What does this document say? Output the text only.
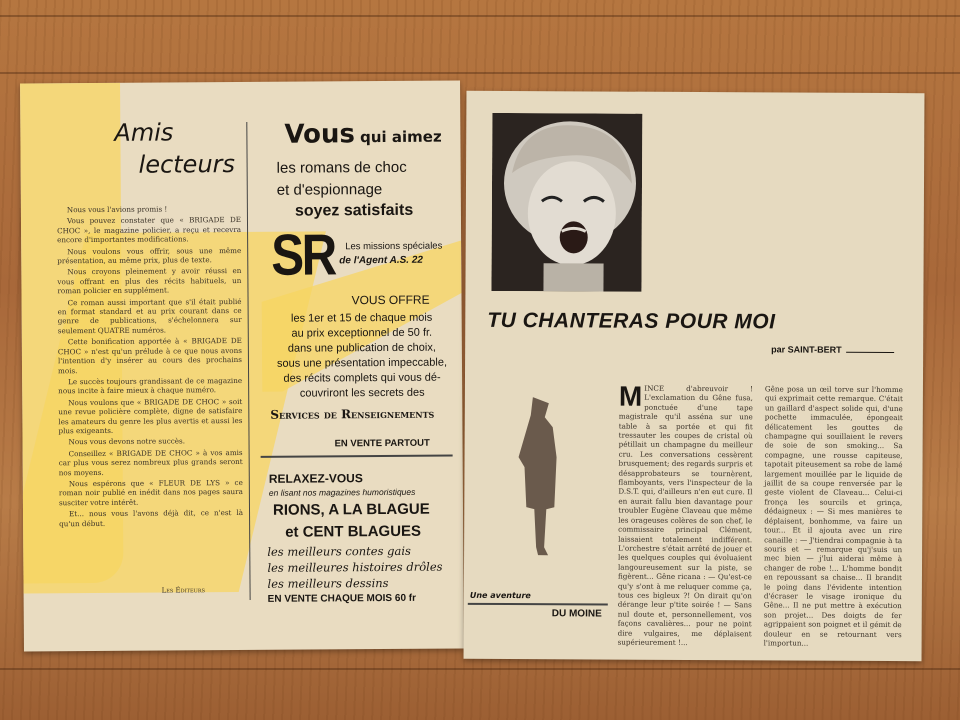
Amis
lecteurs
Nous vous l'avions promis !
Vous pouvez constater que « BRIGADE DE CHOC », le magazine policier, a reçu et recevra encore d'importantes modifications.
Nous voulons vous offrir, sous une même présentation, au même prix, plus de texte.
Nous croyons pleinement y avoir réussi en vous offrant en plus des récits habituels, un roman policier en supplément.
Ce roman aussi important que s'il était publié en format standard et au prix courant dans ce genre de publications, s'échelonnera sur seulement QUATRE numéros.
Cette bonification apportée à « BRIGADE DE CHOC » n'est qu'un prélude à ce que nous avons l'intention d'y insérer au cours des prochains mois.
Le succès toujours grandissant de ce magazine nous incite à faire mieux à chaque numéro.
Nous voulons que « BRIGADE DE CHOC » soit une revue policière complète, digne de satisfaire les amateurs du genre les plus avertis et aussi les plus exigeants.
Nous vous devons notre succès.
Conseillez « BRIGADE DE CHOC » à vos amis car plus vous serez nombreux plus grands seront nos moyens.
Nous espérons que « FLEUR DE LYS » ce roman noir publié en inédit dans nos pages saura susciter votre intérêt.
Et... nous vous l'avons déjà dit, ce n'est là qu'un début.
Les Éditeurs
Vous qui aimez
les romans de choc
et d'espionnage
soyez satisfaits
SR Les missions spéciales
de l'Agent A.S. 22
VOUS OFFRE
les 1er et 15 de chaque mois
au prix exceptionnel de 50 fr.
dans une publication de choix,
sous une présentation impeccable,
des récits complets qui vous dé-
couvriront les secrets des
Services de Renseignements
EN VENTE PARTOUT
RELAXEZ-VOUS
en lisant nos magazines humoristiques
RIONS, A LA BLAGUE
et CENT BLAGUES
les meilleurs contes gais
les meilleures histoires drôles
les meilleurs dessins
EN VENTE CHAQUE MOIS 60 fr
TU CHANTERAS POUR MOI
par SAINT-BERT
Une aventure
DU MOINE
M INCE d'abreuvoir ! L'exclamation du Gêne fusa, ponctuée d'une tape magistrale qu'il asséna sur une table à sa portée et qui fit tressauter les coupes de cristal où pétillait un champagne du meilleur cru. Les conversations cessèrent brusquement; des regards surpris et désapprobateurs se tournèrent, flamboyants, vers l'inspecteur de la D.S.T. qui, d'ailleurs n'en eut cure. Il en aurait fallu bien davantage pour troubler Eugène Claveau que même les orageuses colères de son chef, le commissaire principal Clément, laissaient totalement indifférent. L'orchestre s'était arrêté de jouer et les quelques couples qui évoluaient langoureusement sur la piste, se figèrent... Gêne ricana : — Qu'est-ce qu'y s'ont à me reluquer comme ça, tous ces bigleux ?! On dirait qu'on dérange leur p'tite soirée ! — Sans nul doute et, personnellement, vos façons cavalières... pour ne point dire vulgaires, me déplaisent supérieurement !...
Gêne posa un œil torve sur l'homme qui exprimait cette remarque. C'était un gaillard d'aspect solide qui, d'une pochette immaculée, épongeait délicatement les gouttes de champagne qui souillaient le revers de soie de son smoking... Sa compagne, une rousse capiteuse, tapotait piteusement sa robe de lamé largement mouillée par le liquide de jaillit de sa coupe renversée par le geste violent de Claveau... Celui-ci fronça les sourcils et grinça, dédaigneux : — Si mes manières te déplaisent, bonhomme, va faire un tour... Et il ajouta avec un rire canaille : — J'tiendrai compagnie à ta souris et — remarque qu'j'suis un mec bien — j'lui aiderai même à changer de robe !... L'homme bondit en repoussant sa chaise... Il brandit le poing dans l'évidente intention d'écraser le visage ironique du Gêne... Il ne put mettre à exécution son projet... Des doigts de fer agrippaient son poignet et il gémit de douleur en se retournant vers l'importun...
